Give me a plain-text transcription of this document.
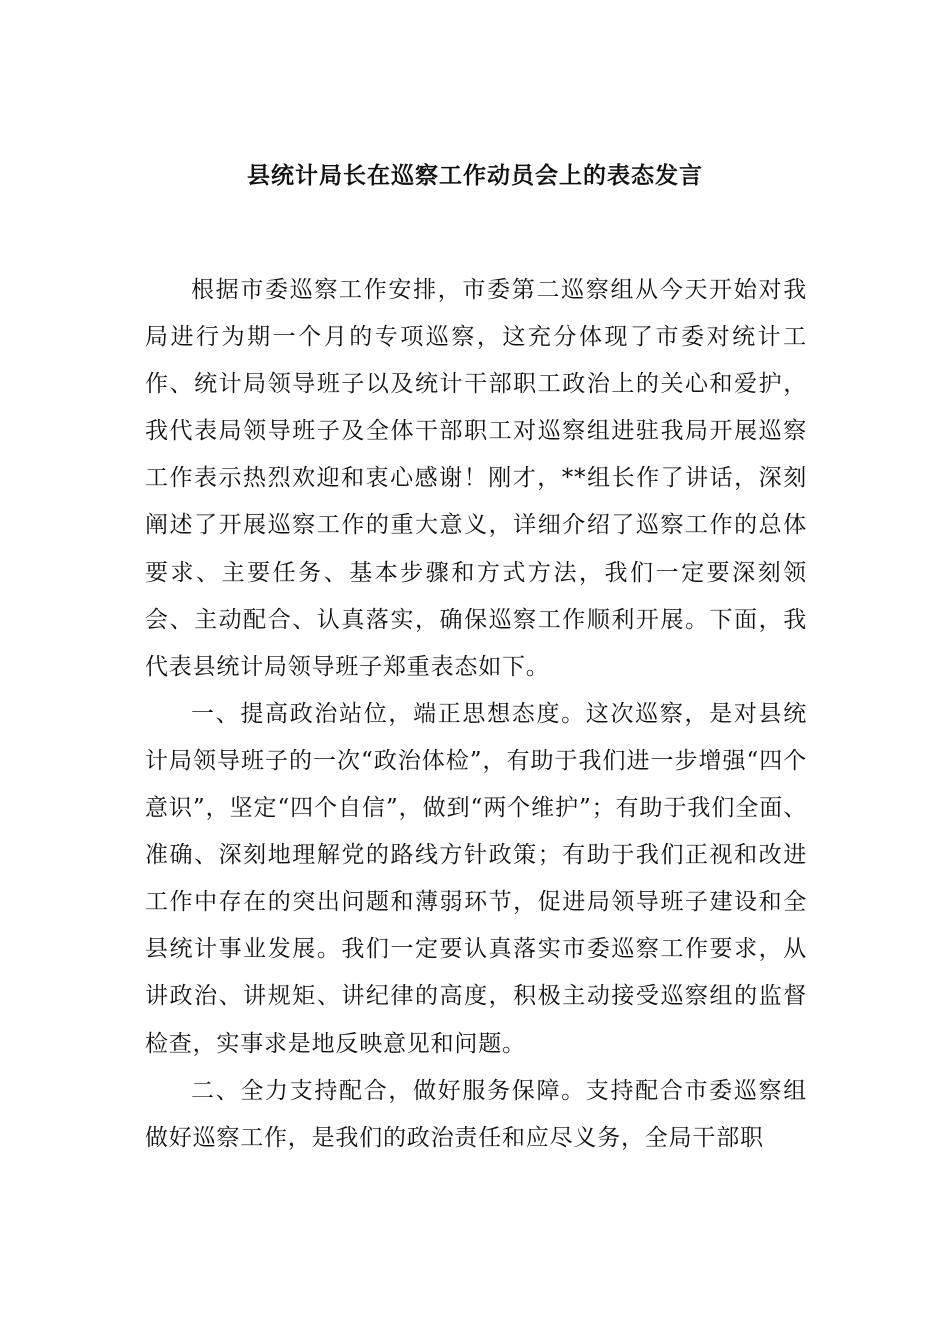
县统计局长在巡察工作动员会上的表态发言

根据市委巡察工作安排，市委第二巡察组从今天开始对我局进行为期一个月的专项巡察，这充分体现了市委对统计工作、统计局领导班子以及统计干部职工政治上的关心和爱护，我代表局领导班子及全体干部职工对巡察组进驻我局开展巡察工作表示热烈欢迎和衷心感谢！刚才，**组长作了讲话，深刻阐述了开展巡察工作的重大意义，详细介绍了巡察工作的总体要求、主要任务、基本步骤和方式方法，我们一定要深刻领会、主动配合、认真落实，确保巡察工作顺利开展。下面，我代表县统计局领导班子郑重表态如下。

一、提高政治站位，端正思想态度。这次巡察，是对县统计局领导班子的一次“政治体检”，有助于我们进一步增强“四个意识”，坚定“四个自信”，做到“两个维护”；有助于我们全面、准确、深刻地理解党的路线方针政策；有助于我们正视和改进工作中存在的突出问题和薄弱环节，促进局领导班子建设和全县统计事业发展。我们一定要认真落实市委巡察工作要求，从讲政治、讲规矩、讲纪律的高度，积极主动接受巡察组的监督检查，实事求是地反映意见和问题。

二、全力支持配合，做好服务保障。支持配合市委巡察组做好巡察工作，是我们的政治责任和应尽义务，全局干部职
